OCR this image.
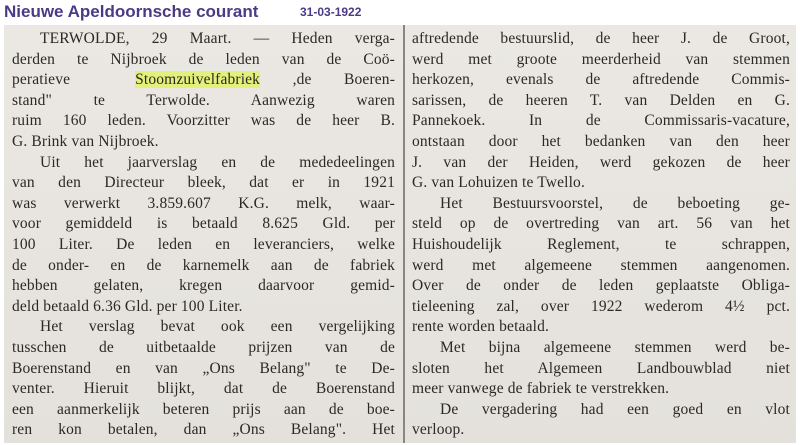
Nieuwe Apeldoornsche courant	31-03-1922
TERWOLDE, 29 Maart. — Heden verga-
derden te Nijbroek de leden van de Coö-
peratieve	Stoomzuivelfabriek ,de Boeren-
stand" te	Terwolde. Aanwezig waren
ruim 160 leden. Voorzitter was de heer B.
G. Brink van Nijbroek.
Uit het jaarverslag en de mededeelingen
van den Directeur bleek, dat er in 1921
was verwerkt 3.859.607 K.G. melk, waar-
voor gemiddeld is betaald 8.625 Gld. per
100 Liter. De leden en leveranciers, welke
de onder- en de karnemelk aan de fabriek
hebben gelaten, kregen daarvoor gemid-
deld betaald 6.36 Gld. per 100 Liter.
Het verslag bevat ook een vergelijking
tusschen de uitbetaalde prijzen van de
Boerenstand en van „Ons Belang" te De-
venter. Hieruit blijkt, dat de Boerenstand
een aanmerkelijk beteren prijs aan de boe-
ren kon betalen, dan „Ons Belang". Het
aftredende bestuurslid, de heer J. de Groot,
werd met groote meerderheid van stemmen
herkozen, evenals de aftredende Commis-
sarissen, de heeren T. van Delden en G.
Pannekoek. In de Commissaris-vacature,
ontstaan door het bedanken van den heer
J. van der Heiden, werd gekozen de heer
G. van Lohuizen te Twello.
Het Bestuursvoorstel, de beboeting ge-
steld op de overtreding van art. 56 van het
Huishoudelijk Reglement, te schrappen,
werd met algemeene stemmen aangenomen.
Over de onder de leden geplaatste Obliga-
tieleening zal, over 1922 wederom 4½ pct.
rente worden betaald.
Met bijna algemeene stemmen werd be-
sloten het Algemeen Landbouwblad niet
meer vanwege de fabriek te verstrekken.
De vergadering had een goed en vlot
verloop.
